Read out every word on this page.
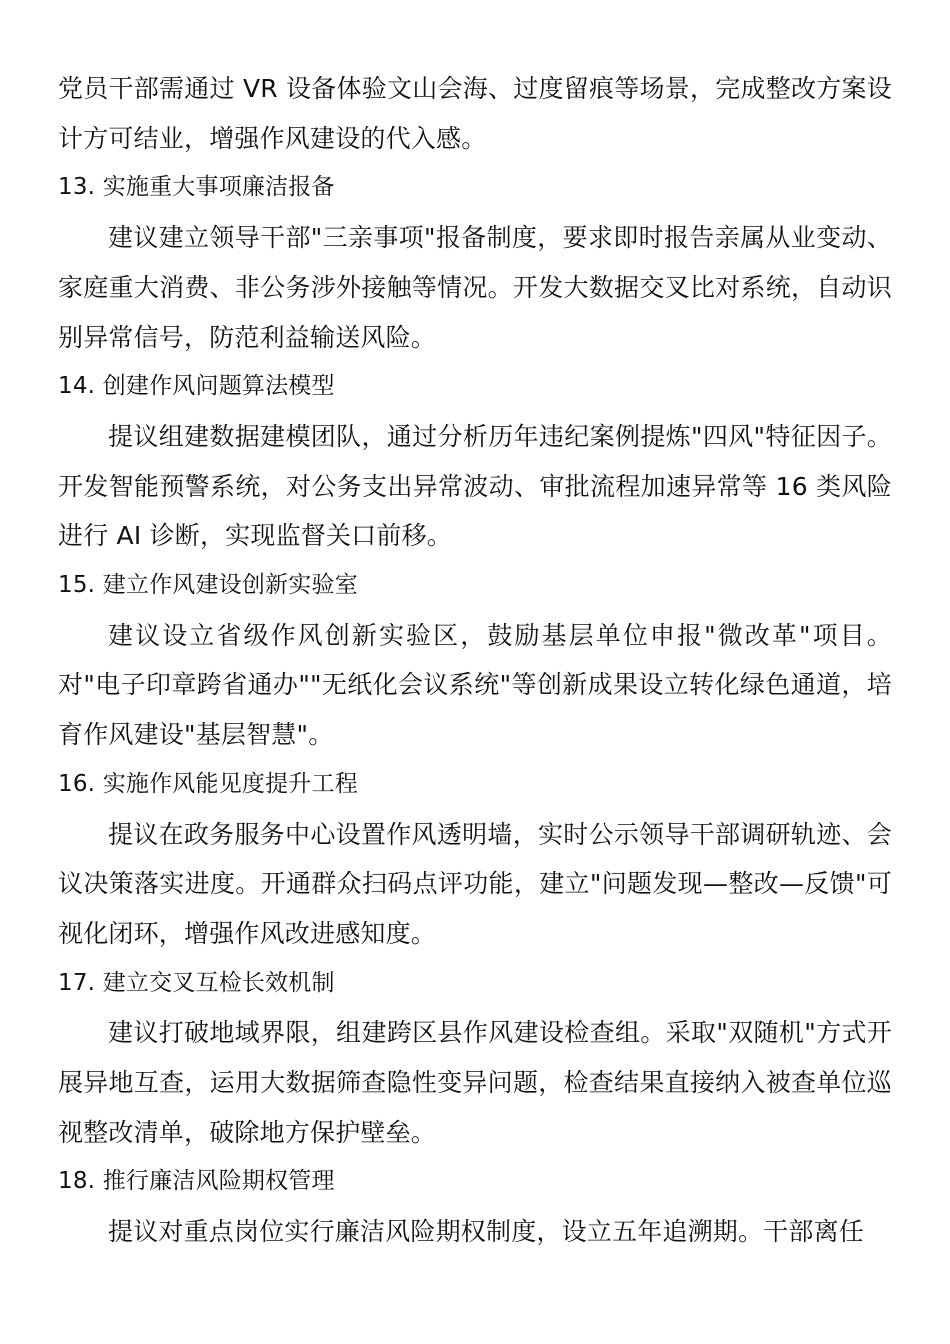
党员干部需通过 VR 设备体验文山会海、过度留痕等场景，完成整改方案设计方可结业，增强作风建设的代入感。

13. 实施重大事项廉洁报备

建议建立领导干部"三亲事项"报备制度，要求即时报告亲属从业变动、家庭重大消费、非公务涉外接触等情况。开发大数据交叉比对系统，自动识别异常信号，防范利益输送风险。

14. 创建作风问题算法模型

提议组建数据建模团队，通过分析历年违纪案例提炼"四风"特征因子。开发智能预警系统，对公务支出异常波动、审批流程加速异常等 16 类风险进行 AI 诊断，实现监督关口前移。

15. 建立作风建设创新实验室

建议设立省级作风创新实验区，鼓励基层单位申报"微改革"项目。对"电子印章跨省通办""无纸化会议系统"等创新成果设立转化绿色通道，培育作风建设"基层智慧"。

16. 实施作风能见度提升工程

提议在政务服务中心设置作风透明墙，实时公示领导干部调研轨迹、会议决策落实进度。开通群众扫码点评功能，建立"问题发现—整改—反馈"可视化闭环，增强作风改进感知度。

17. 建立交叉互检长效机制

建议打破地域界限，组建跨区县作风建设检查组。采取"双随机"方式开展异地互查，运用大数据筛查隐性变异问题，检查结果直接纳入被查单位巡视整改清单，破除地方保护壁垒。

18. 推行廉洁风险期权管理

提议对重点岗位实行廉洁风险期权制度，设立五年追溯期。干部离任
